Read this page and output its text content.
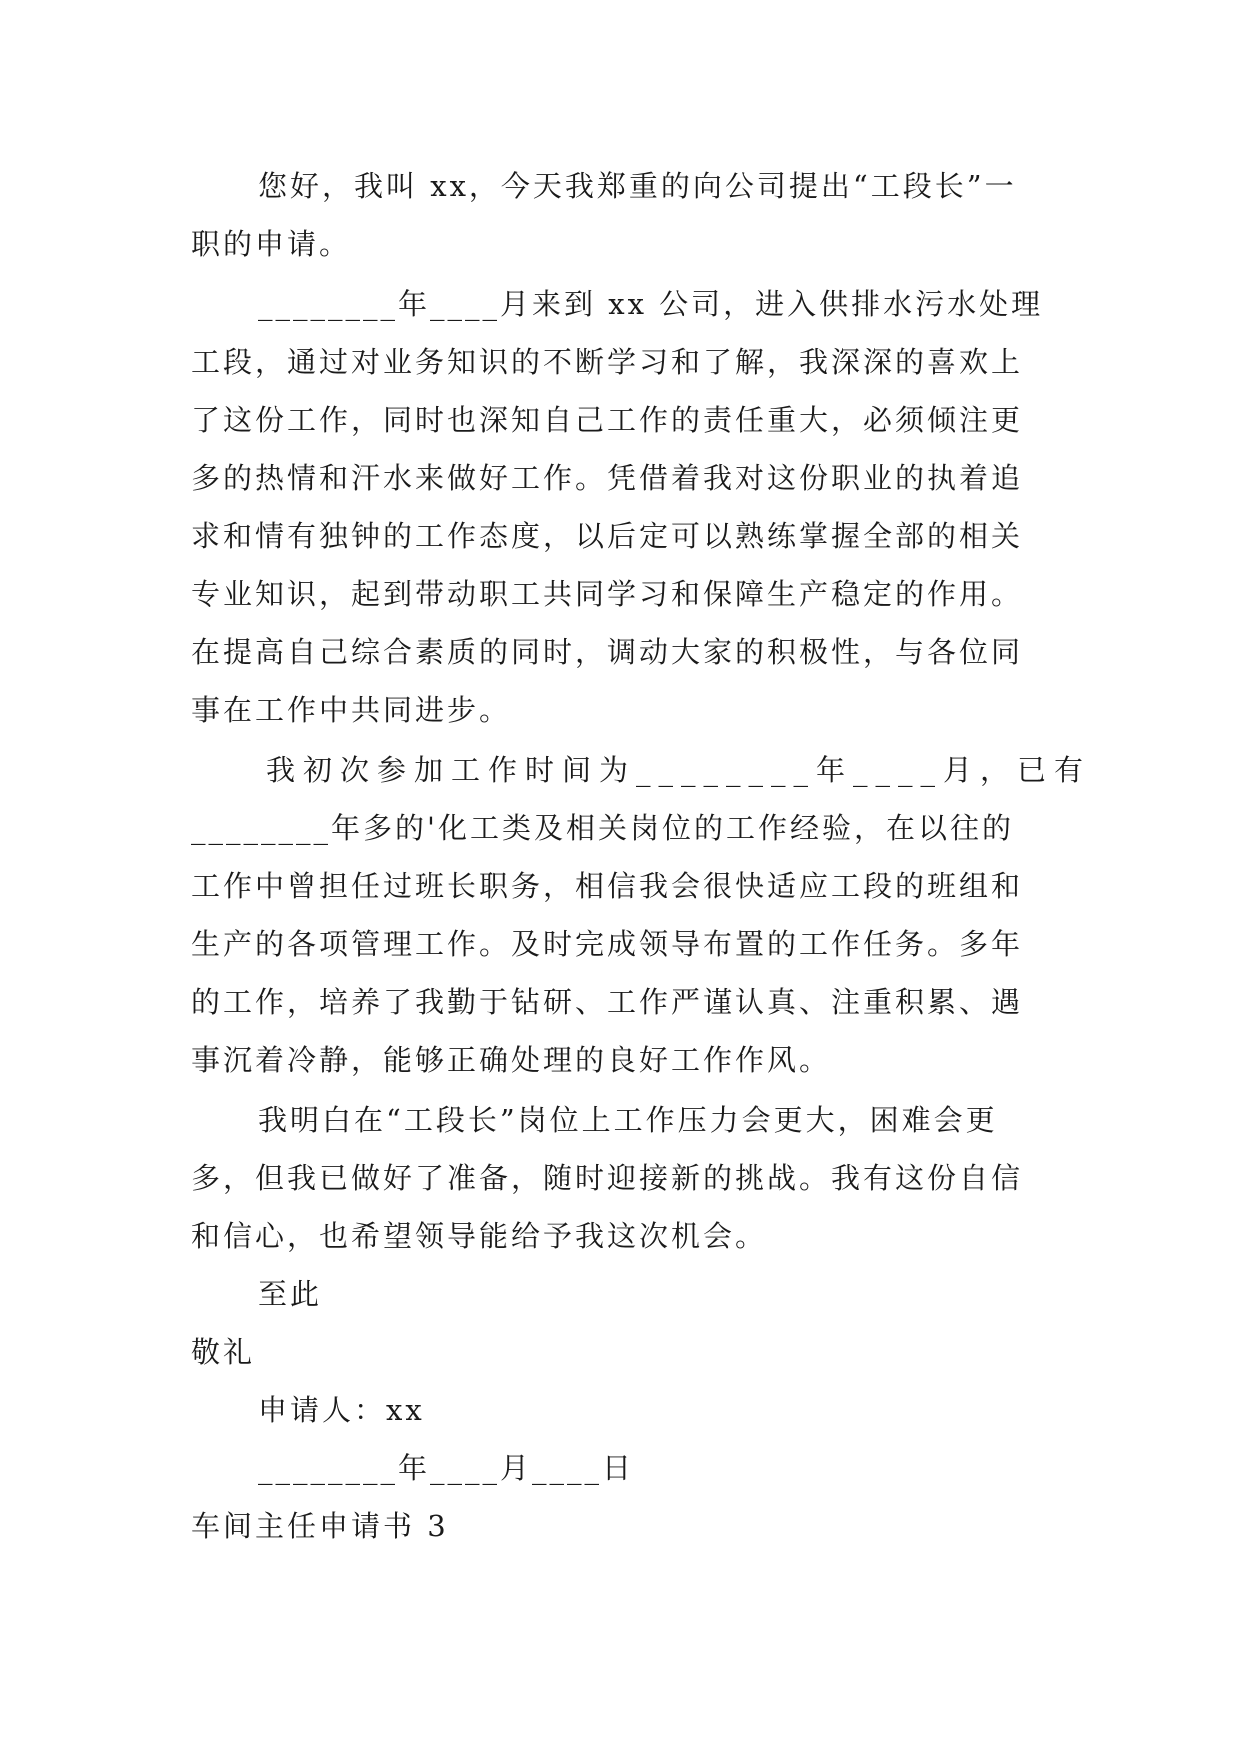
您好，我叫 xx，今天我郑重的向公司提出“工段长”一
职的申请。
________年____月来到 xx 公司，进入供排水污水处理
工段，通过对业务知识的不断学习和了解，我深深的喜欢上
了这份工作，同时也深知自己工作的责任重大，必须倾注更
多的热情和汗水来做好工作。凭借着我对这份职业的执着追
求和情有独钟的工作态度，以后定可以熟练掌握全部的相关
专业知识，起到带动职工共同学习和保障生产稳定的作用。
在提高自己综合素质的同时，调动大家的积极性，与各位同
事在工作中共同进步。
我初次参加工作时间为________年____月，已有
________年多的'化工类及相关岗位的工作经验，在以往的
工作中曾担任过班长职务，相信我会很快适应工段的班组和
生产的各项管理工作。及时完成领导布置的工作任务。多年
的工作，培养了我勤于钻研、工作严谨认真、注重积累、遇
事沉着冷静，能够正确处理的良好工作作风。
我明白在“工段长”岗位上工作压力会更大，困难会更
多，但我已做好了准备，随时迎接新的挑战。我有这份自信
和信心，也希望领导能给予我这次机会。
至此
敬礼
申请人：xx
________年____月____日
车间主任申请书 3
